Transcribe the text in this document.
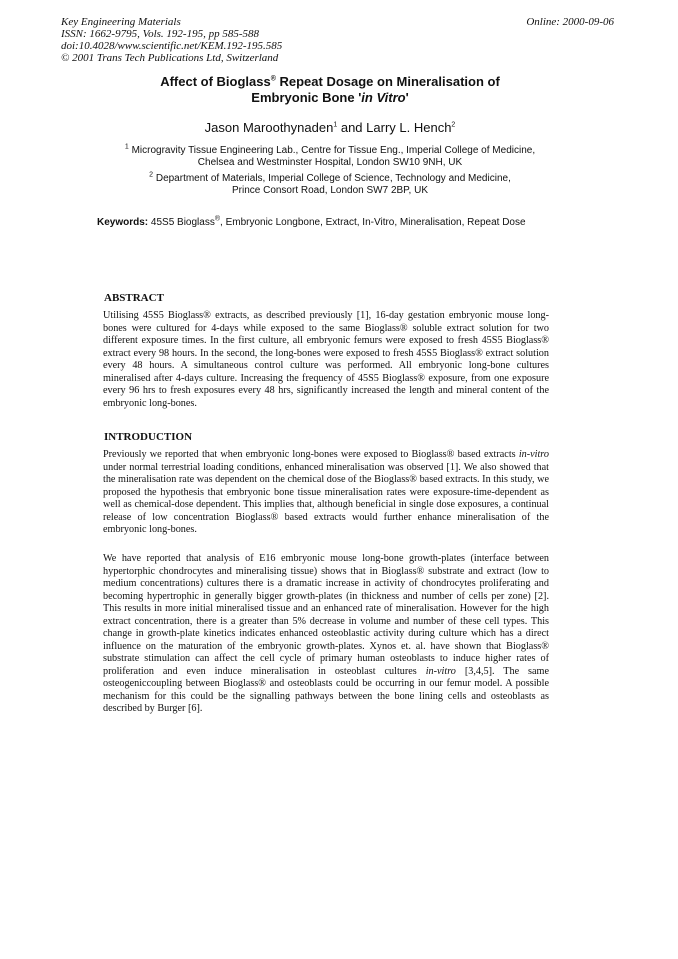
Key Engineering Materials
ISSN: 1662-9795, Vols. 192-195, pp 585-588
doi:10.4028/www.scientific.net/KEM.192-195.585
© 2001 Trans Tech Publications Ltd, Switzerland
Online: 2000-09-06
Affect of Bioglass® Repeat Dosage on Mineralisation of
Embryonic Bone 'in Vitro'
Jason Maroothynaden$^1$ and Larry L. Hench$^2$
$^1$ Microgravity Tissue Engineering Lab., Centre for Tissue Eng., Imperial College of Medicine,
Chelsea and Westminster Hospital, London SW10 9NH, UK
$^2$ Department of Materials, Imperial College of Science, Technology and Medicine,
Prince Consort Road, London SW7 2BP, UK
Keywords: 45S5 Bioglass®, Embryonic Longbone, Extract, In-Vitro, Mineralisation, Repeat Dose
ABSTRACT

Utilising 45S5 Bioglass® extracts, as described previously [1], 16-day gestation embryonic mouse long-bones were cultured for 4-days while exposed to the same Bioglass® soluble extract solution for two different exposure times. In the first culture, all embryonic femurs were exposed to fresh 45S5 Bioglass® extract every 98 hours. In the second, the long-bones were exposed to fresh 45S5 Bioglass® extract solution every 48 hours. A simultaneous control culture was performed. All embryonic long-bone cultures mineralised after 4-days culture. Increasing the frequency of 45S5 Bioglass® exposure, from one exposure every 96 hrs to fresh exposures every 48 hrs, significantly increased the length and mineral content of the embryonic long-bones.

INTRODUCTION

Previously we reported that when embryonic long-bones were exposed to Bioglass® based extracts in-vitro under normal terrestrial loading conditions, enhanced mineralisation was observed [1]. We also showed that the mineralisation rate was dependent on the chemical dose of the Bioglass® based extracts. In this study, we proposed the hypothesis that embryonic bone tissue mineralisation rates were exposure-time-dependent as well as chemical-dose dependent. This implies that, although beneficial in single dose exposures, a continual release of low concentration Bioglass® based extracts would further enhance mineralisation of the embryonic long-bones.

We have reported that analysis of E16 embryonic mouse long-bone growth-plates (interface between hypertorphic chondrocytes and mineralising tissue) shows that in Bioglass® substrate and extract (low to medium concentrations) cultures there is a dramatic increase in activity of chondrocytes proliferating and becoming hypertrophic in generally bigger growth-plates (in thickness and number of cells per zone) [2]. This results in more initial mineralised tissue and an enhanced rate of mineralisation. However for the high extract concentration, there is a greater than 5% decrease in volume and number of these cell types. This change in growth-plate kinetics indicates enhanced osteoblastic activity during culture which has a direct influence on the maturation of the embryonic growth-plates. Xynos et. al. have shown that Bioglass® substrate stimulation can affect the cell cycle of primary human osteoblasts to induce higher rates of proliferation and even induce mineralisation in osteoblast cultures in-vitro [3,4,5]. The same osteogeniccoupling between Bioglass® and osteoblasts could be occurring in our femur model. A possible mechanism for this could be the signalling pathways between the bone lining cells and osteoblasts as described by Burger [6].
